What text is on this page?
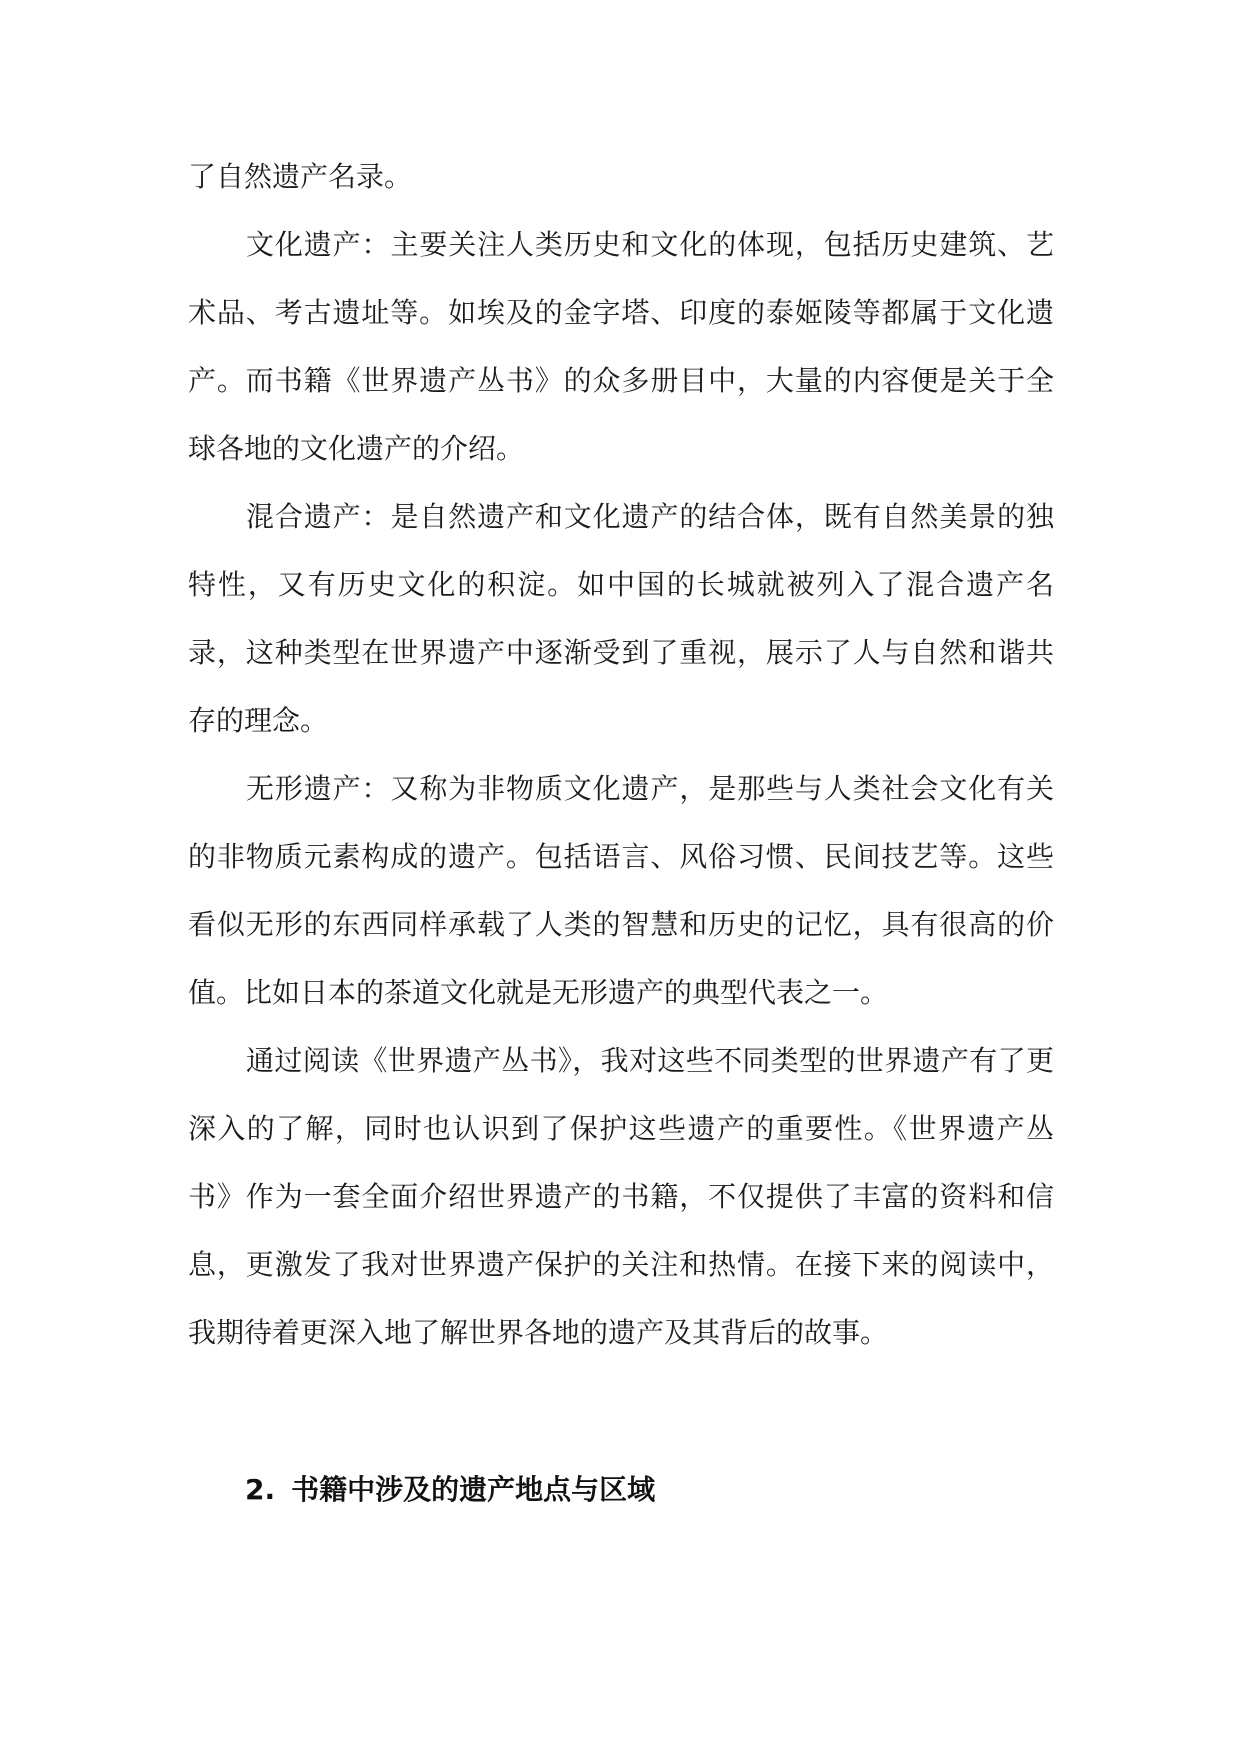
了自然遗产名录。

文化遗产：主要关注人类历史和文化的体现，包括历史建筑、艺术品、考古遗址等。如埃及的金字塔、印度的泰姬陵等都属于文化遗产。而书籍《世界遗产丛书》的众多册目中，大量的内容便是关于全球各地的文化遗产的介绍。

混合遗产：是自然遗产和文化遗产的结合体，既有自然美景的独特性，又有历史文化的积淀。如中国的长城就被列入了混合遗产名录，这种类型在世界遗产中逐渐受到了重视，展示了人与自然和谐共存的理念。

无形遗产：又称为非物质文化遗产，是那些与人类社会文化有关的非物质元素构成的遗产。包括语言、风俗习惯、民间技艺等。这些看似无形的东西同样承载了人类的智慧和历史的记忆，具有很高的价值。比如日本的茶道文化就是无形遗产的典型代表之一。

通过阅读《世界遗产丛书》，我对这些不同类型的世界遗产有了更深入的了解，同时也认识到了保护这些遗产的重要性。《世界遗产丛书》作为一套全面介绍世界遗产的书籍，不仅提供了丰富的资料和信息，更激发了我对世界遗产保护的关注和热情。在接下来的阅读中，我期待着更深入地了解世界各地的遗产及其背后的故事。

2. 书籍中涉及的遗产地点与区域
